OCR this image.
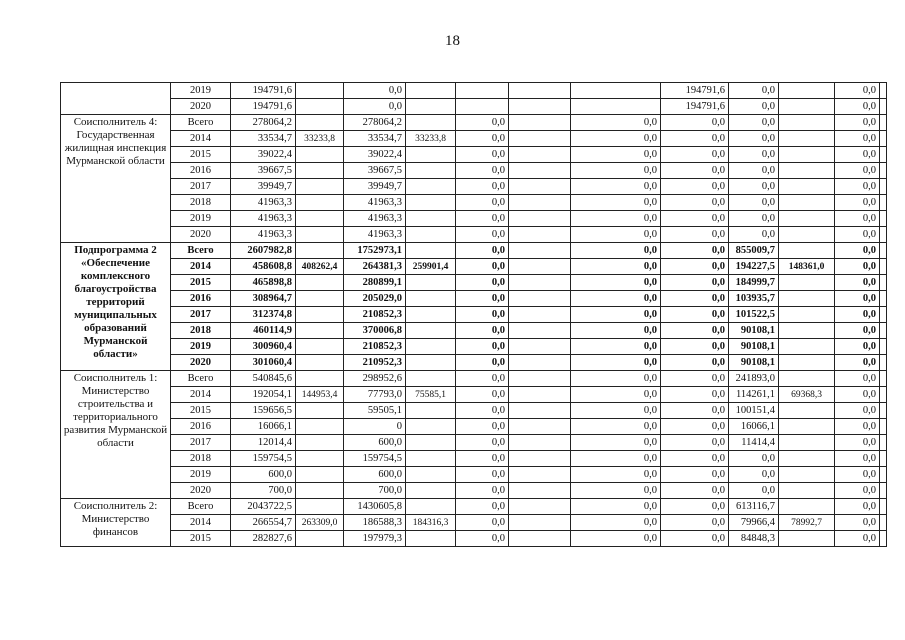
18
	2019	194791,6		0,0					194791,6	0,0		0,0	
	2020	194791,6		0,0					194791,6	0,0		0,0	
Соисполнитель 4: Государственная жилищная инспекция Мурманской области	Всего	278064,2		278064,2		0,0		0,0	0,0	0,0		0,0	
	2014	33534,7	33233,8	33534,7	33233,8	0,0		0,0	0,0	0,0		0,0	
	2015	39022,4		39022,4		0,0		0,0	0,0	0,0		0,0	
	2016	39667,5		39667,5		0,0		0,0	0,0	0,0		0,0	
	2017	39949,7		39949,7		0,0		0,0	0,0	0,0		0,0	
	2018	41963,3		41963,3		0,0		0,0	0,0	0,0		0,0	
	2019	41963,3		41963,3		0,0		0,0	0,0	0,0		0,0	
	2020	41963,3		41963,3		0,0		0,0	0,0	0,0		0,0	
Подпрограмма 2 «Обеспечение комплексного благоустройства территорий муниципальных образований Мурманской области»	Всего	2607982,8		1752973,1		0,0		0,0	0,0	855009,7		0,0	
	2014	458608,8	408262,4	264381,3	259901,4	0,0		0,0	0,0	194227,5	148361,0	0,0	
	2015	465898,8		280899,1		0,0		0,0	0,0	184999,7		0,0	
	2016	308964,7		205029,0		0,0		0,0	0,0	103935,7		0,0	
	2017	312374,8		210852,3		0,0		0,0	0,0	101522,5		0,0	
	2018	460114,9		370006,8		0,0		0,0	0,0	90108,1		0,0	
	2019	300960,4		210852,3		0,0		0,0	0,0	90108,1		0,0	
	2020	301060,4		210952,3		0,0		0,0	0,0	90108,1		0,0	
Соисполнитель 1: Министерство строительства и территориального развития Мурманской области	Всего	540845,6		298952,6		0,0		0,0	0,0	241893,0		0,0	
	2014	192054,1	144953,4	77793,0	75585,1	0,0		0,0	0,0	114261,1	69368,3	0,0	
	2015	159656,5		59505,1		0,0		0,0	0,0	100151,4		0,0	
	2016	16066,1		0		0,0		0,0	0,0	16066,1		0,0	
	2017	12014,4		600,0		0,0		0,0	0,0	11414,4		0,0	
	2018	159754,5		159754,5		0,0		0,0	0,0	0,0		0,0	
	2019	600,0		600,0		0,0		0,0	0,0	0,0		0,0	
	2020	700,0		700,0		0,0		0,0	0,0	0,0		0,0	
Соисполнитель 2: Министерство финансов	Всего	2043722,5		1430605,8		0,0		0,0	0,0	613116,7		0,0	
	2014	266554,7	263309,0	186588,3	184316,3	0,0		0,0	0,0	79966,4	78992,7	0,0	
	2015	282827,6		197979,3		0,0		0,0	0,0	84848,3		0,0	
